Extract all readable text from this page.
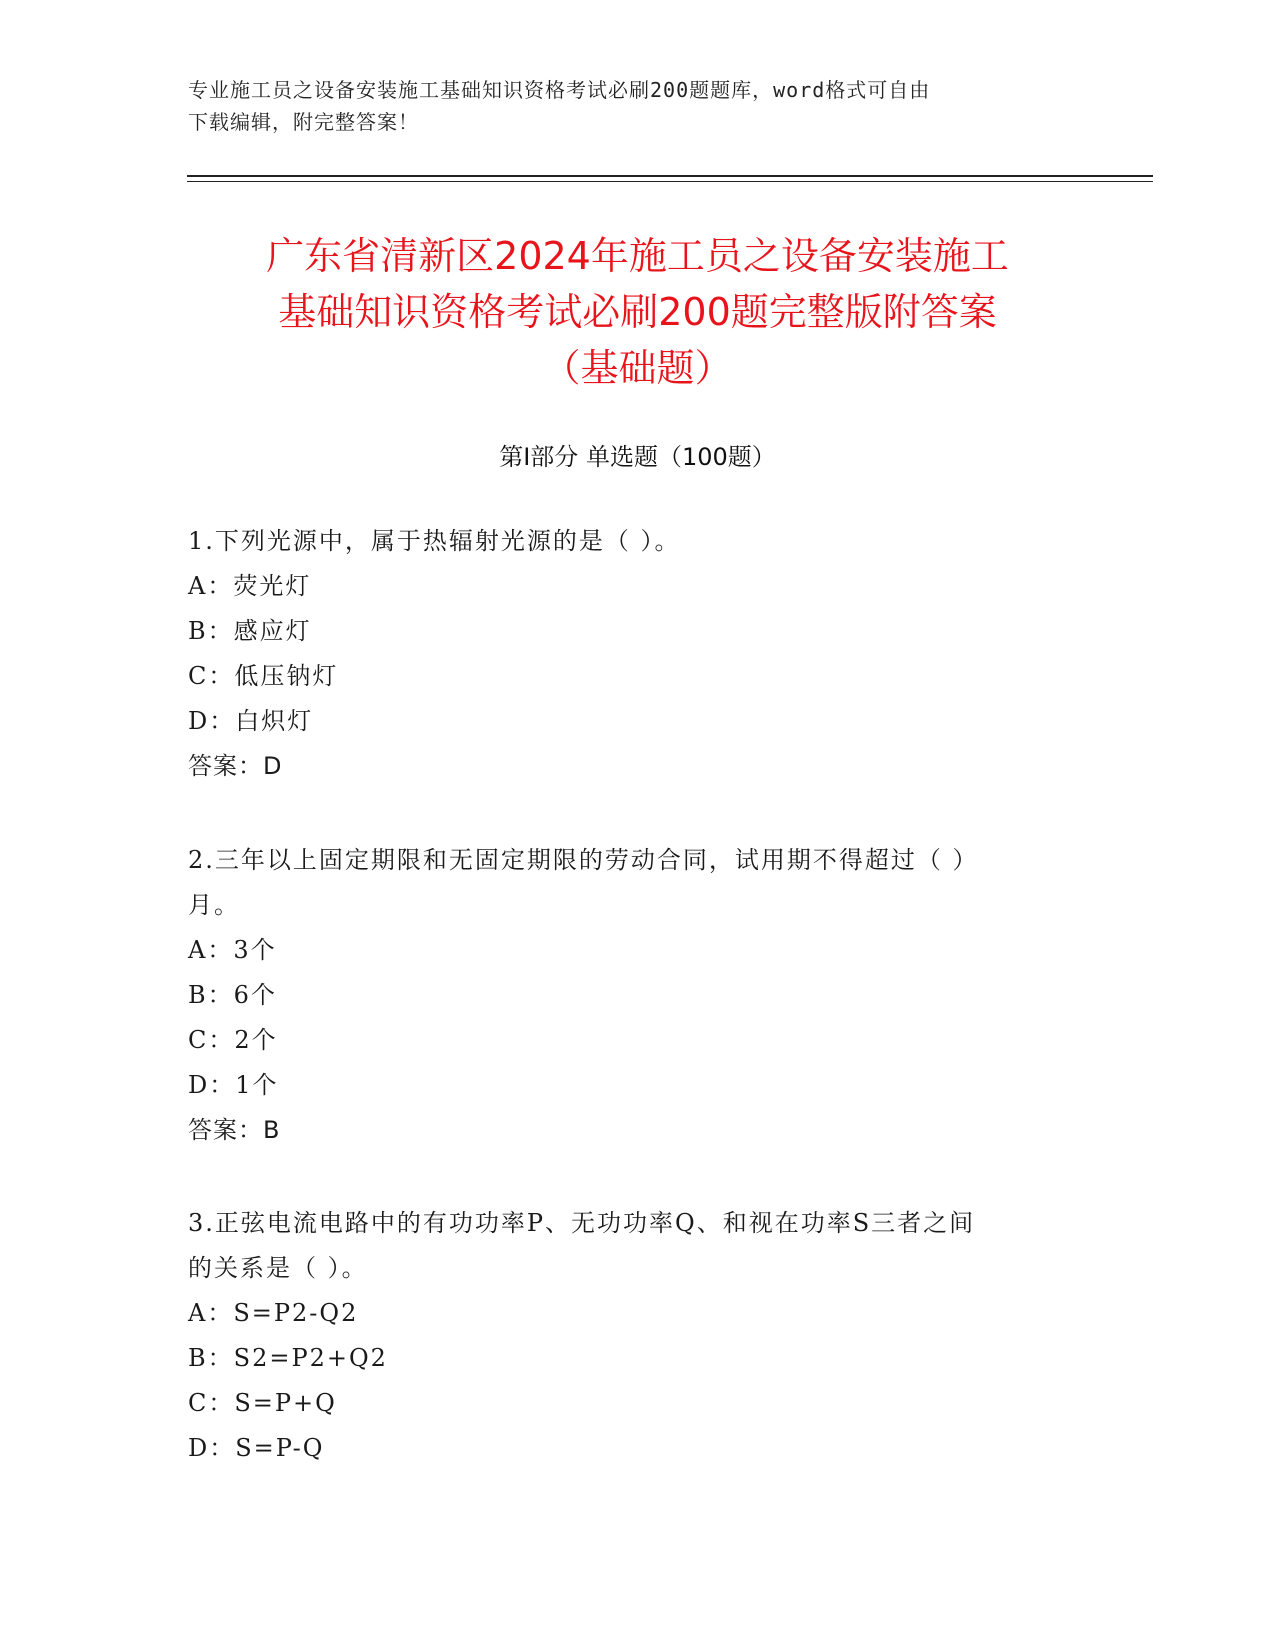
专业施工员之设备安装施工基础知识资格考试必刷200题题库，word格式可自由
下载编辑，附完整答案！
广东省清新区2024年施工员之设备安装施工
基础知识资格考试必刷200题完整版附答案
（基础题）
第Ⅰ部分 单选题（100题）
1.下列光源中，属于热辐射光源的是（ ）。
A：荧光灯
B：感应灯
C：低压钠灯
D：白炽灯
答案：D
2.三年以上固定期限和无固定期限的劳动合同，试用期不得超过（ ）
月。
A：3个
B：6个
C：2个
D：1个
答案：B
3.正弦电流电路中的有功功率P、无功功率Q、和视在功率S三者之间
的关系是（ ）。
A：S=P2-Q2
B：S2=P2+Q2
C：S=P+Q
D：S=P-Q
